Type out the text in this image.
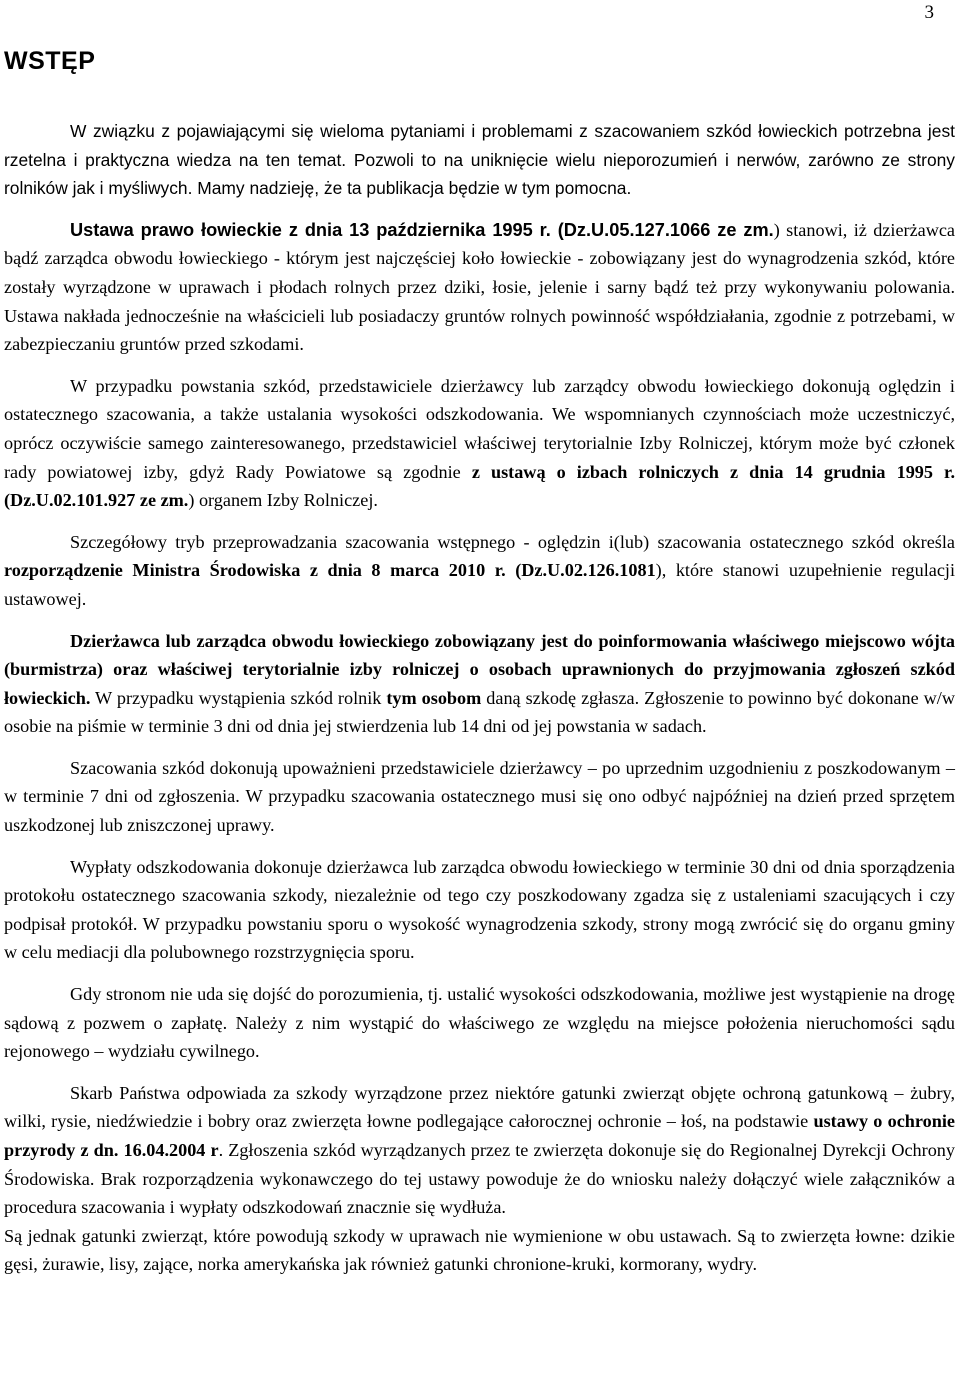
3
WSTĘP

W związku z pojawiającymi się wieloma pytaniami i problemami z szacowaniem szkód łowieckich potrzebna jest rzetelna i praktyczna wiedza na ten temat. Pozwoli to na uniknięcie wielu nieporozumień i nerwów, zarówno ze strony rolników jak i myśliwych. Mamy nadzieję, że ta publikacja będzie w tym pomocna.

Ustawa prawo łowieckie z dnia 13 października 1995 r. (Dz.U.05.127.1066 ze zm.) stanowi, iż dzierżawca bądź zarządca obwodu łowieckiego - którym jest najczęściej koło łowieckie - zobowiązany jest do wynagrodzenia szkód, które zostały wyrządzone w uprawach i płodach rolnych przez dziki, łosie, jelenie i sarny bądź też przy wykonywaniu polowania. Ustawa nakłada jednocześnie na właścicieli lub posiadaczy gruntów rolnych powinność współdziałania, zgodnie z potrzebami, w zabezpieczaniu gruntów przed szkodami.

W przypadku powstania szkód, przedstawiciele dzierżawcy lub zarządcy obwodu łowieckiego dokonują oględzin i ostatecznego szacowania, a także ustalania wysokości odszkodowania. We wspomnianych czynnościach może uczestniczyć, oprócz oczywiście samego zainteresowanego, przedstawiciel właściwej terytorialnie Izby Rolniczej, którym może być członek rady powiatowej izby, gdyż Rady Powiatowe są zgodnie z ustawą o izbach rolniczych z dnia 14 grudnia 1995 r. (Dz.U.02.101.927 ze zm.) organem Izby Rolniczej.

Szczegółowy tryb przeprowadzania szacowania wstępnego - oględzin i(lub) szacowania ostatecznego szkód określa rozporządzenie Ministra Środowiska z dnia 8 marca 2010 r. (Dz.U.02.126.1081), które stanowi uzupełnienie regulacji ustawowej.

Dzierżawca lub zarządca obwodu łowieckiego zobowiązany jest do poinformowania właściwego miejscowo wójta (burmistrza) oraz właściwej terytorialnie izby rolniczej o osobach uprawnionych do przyjmowania zgłoszeń szkód łowieckich. W przypadku wystąpienia szkód rolnik tym osobom daną szkodę zgłasza. Zgłoszenie to powinno być dokonane w/w osobie na piśmie w terminie 3 dni od dnia jej stwierdzenia lub 14 dni od jej powstania w sadach.

Szacowania szkód dokonują upoważnieni przedstawiciele dzierżawcy – po uprzednim uzgodnieniu z poszkodowanym – w terminie 7 dni od zgłoszenia. W przypadku szacowania ostatecznego musi się ono odbyć najpóźniej na dzień przed sprzętem uszkodzonej lub zniszczonej uprawy.

Wypłaty odszkodowania dokonuje dzierżawca lub zarządca obwodu łowieckiego w terminie 30 dni od dnia sporządzenia protokołu ostatecznego szacowania szkody, niezależnie od tego czy poszkodowany zgadza się z ustaleniami szacujących i czy podpisał protokół. W przypadku powstaniu sporu o wysokość wynagrodzenia szkody, strony mogą zwrócić się do organu gminy w celu mediacji dla polubownego rozstrzygnięcia sporu.

Gdy stronom nie uda się dojść do porozumienia, tj. ustalić wysokości odszkodowania, możliwe jest wystąpienie na drogę sądową z pozwem o zapłatę. Należy z nim wystąpić do właściwego ze względu na miejsce położenia nieruchomości sądu rejonowego – wydziału cywilnego.

Skarb Państwa odpowiada za szkody wyrządzone przez niektóre gatunki zwierząt objęte ochroną gatunkową – żubry, wilki, rysie, niedźwiedzie i bobry oraz zwierzęta łowne podlegające całorocznej ochronie – łoś, na podstawie ustawy o ochronie przyrody z dn. 16.04.2004 r. Zgłoszenia szkód wyrządzanych przez te zwierzęta dokonuje się do Regionalnej Dyrekcji Ochrony Środowiska. Brak rozporządzenia wykonawczego do tej ustawy powoduje że do wniosku należy dołączyć wiele załączników a procedura szacowania i wypłaty odszkodowań znacznie się wydłuża.

Są jednak gatunki zwierząt, które powodują szkody w uprawach nie wymienione w obu ustawach. Są to zwierzęta łowne: dzikie gęsi, żurawie, lisy, zające, norka amerykańska jak również gatunki chronione-kruki, kormorany, wydry.
